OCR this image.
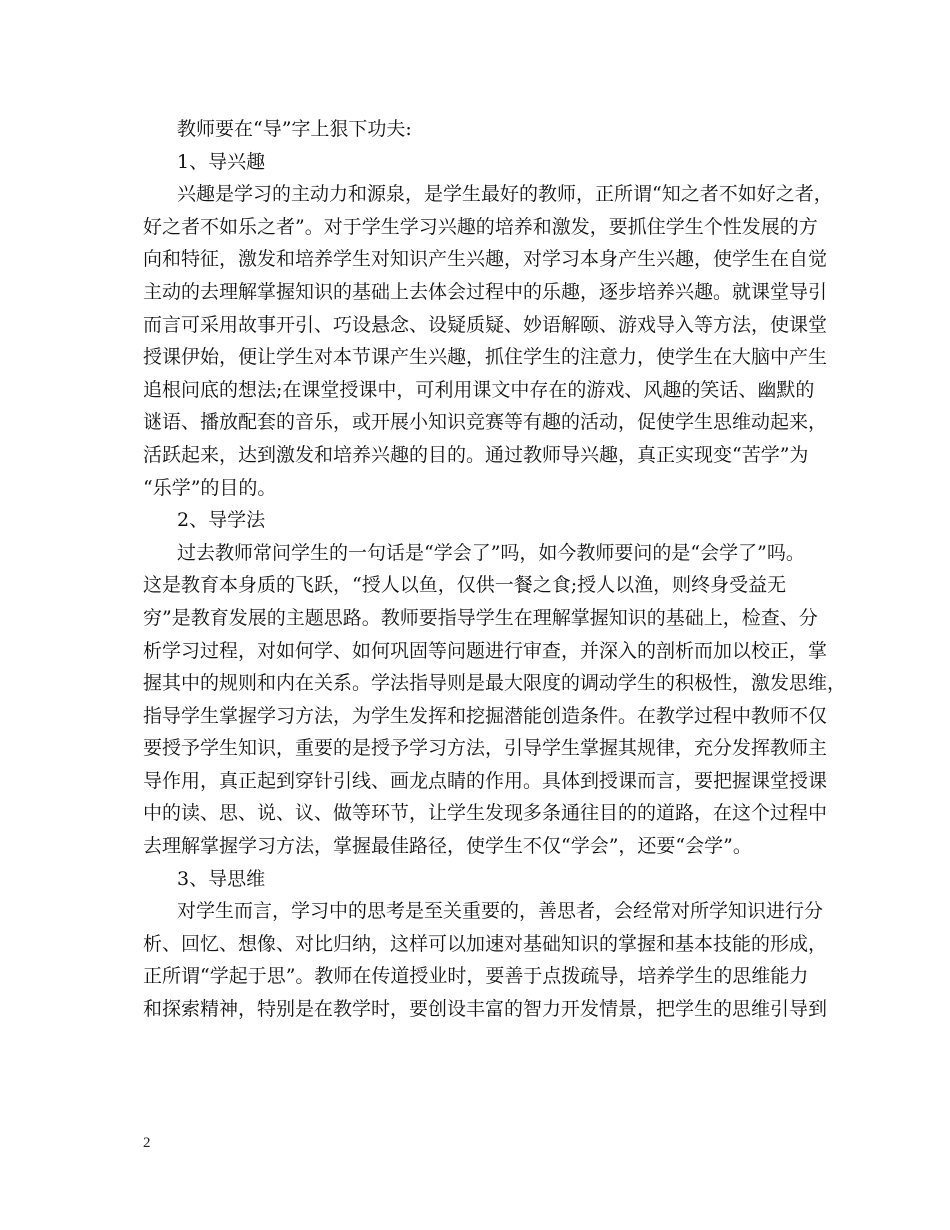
教师要在“导”字上狠下功夫:
1、导兴趣
兴趣是学习的主动力和源泉，是学生最好的教师，正所谓“知之者不如好之者，
好之者不如乐之者”。对于学生学习兴趣的培养和激发，要抓住学生个性发展的方
向和特征，激发和培养学生对知识产生兴趣，对学习本身产生兴趣，使学生在自觉
主动的去理解掌握知识的基础上去体会过程中的乐趣，逐步培养兴趣。就课堂导引
而言可采用故事开引、巧设悬念、设疑质疑、妙语解颐、游戏导入等方法，使课堂
授课伊始，便让学生对本节课产生兴趣，抓住学生的注意力，使学生在大脑中产生
追根问底的想法;在课堂授课中，可利用课文中存在的游戏、风趣的笑话、幽默的
谜语、播放配套的音乐，或开展小知识竞赛等有趣的活动，促使学生思维动起来，
活跃起来，达到激发和培养兴趣的目的。通过教师导兴趣，真正实现变“苦学”为
“乐学”的目的。
2、导学法
过去教师常问学生的一句话是“学会了”吗，如今教师要问的是“会学了”吗。
这是教育本身质的飞跃，“授人以鱼，仅供一餐之食;授人以渔，则终身受益无
穷”是教育发展的主题思路。教师要指导学生在理解掌握知识的基础上，检查、分
析学习过程，对如何学、如何巩固等问题进行审查，并深入的剖析而加以校正，掌
握其中的规则和内在关系。学法指导则是最大限度的调动学生的积极性，激发思维，
指导学生掌握学习方法，为学生发挥和挖掘潜能创造条件。在教学过程中教师不仅
要授予学生知识，重要的是授予学习方法，引导学生掌握其规律，充分发挥教师主
导作用，真正起到穿针引线、画龙点睛的作用。具体到授课而言，要把握课堂授课
中的读、思、说、议、做等环节，让学生发现多条通往目的的道路，在这个过程中
去理解掌握学习方法，掌握最佳路径，使学生不仅“学会”，还要“会学”。
3、导思维
对学生而言，学习中的思考是至关重要的，善思者，会经常对所学知识进行分
析、回忆、想像、对比归纳，这样可以加速对基础知识的掌握和基本技能的形成，
正所谓“学起于思”。教师在传道授业时，要善于点拨疏导，培养学生的思维能力
和探索精神，特别是在教学时，要创设丰富的智力开发情景，把学生的思维引导到
2
